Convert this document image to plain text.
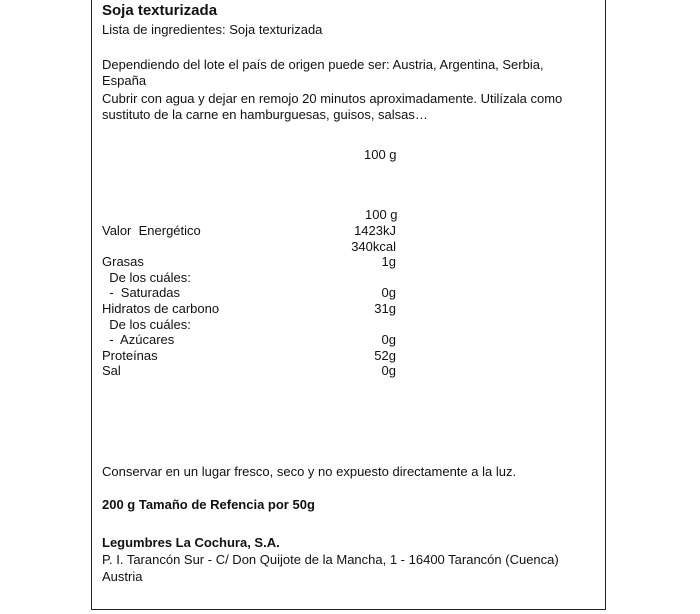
Soja texturizada
Lista de ingredientes: Soja texturizada
Dependiendo del lote el país de origen puede ser: Austria, Argentina, Serbia, España
Cubrir con agua y dejar en remojo 20 minutos aproximadamente. Utilízala como sustituto de la carne en hamburguesas, guisos, salsas…
100 g
100 g
Valor  Energético	1423kJ
340kcal
Grasas	1g
De los cuáles:
-  Saturadas	0g
Hidratos de carbono	31g
De los cuáles:
-  Azúcares	0g
Proteínas	52g
Sal	0g
Conservar en un lugar fresco, seco y no expuesto directamente a la luz.
200 g Tamaño de Refencia por 50g
Legumbres La Cochura, S.A.
P. I. Tarancón Sur - C/ Don Quijote de la Mancha, 1 - 16400 Tarancón (Cuenca)
Austria
